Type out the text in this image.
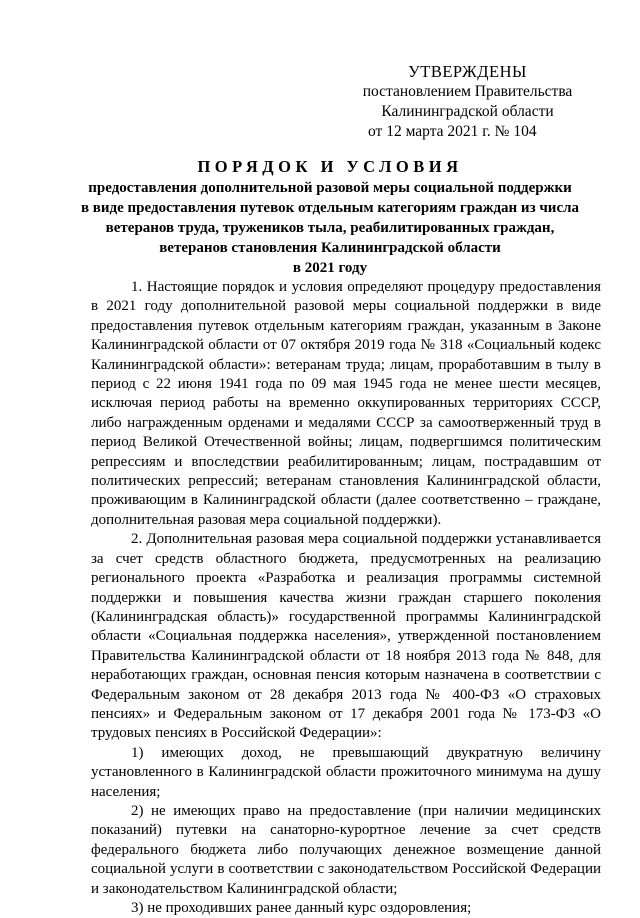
УТВЕРЖДЕНЫ
постановлением Правительства
Калининградской области
от 12 марта 2021 г. № 104
ПОРЯДОК И УСЛОВИЯ
предоставления дополнительной разовой меры социальной поддержки
в виде предоставления путевок отдельным категориям граждан из числа
ветеранов труда, тружеников тыла, реабилитированных граждан,
ветеранов становления Калининградской области
в 2021 году

1. Настоящие порядок и условия определяют процедуру предоставления в 2021 году дополнительной разовой меры социальной поддержки в виде предоставления путевок отдельным категориям граждан, указанным в Законе Калининградской области от 07 октября 2019 года № 318 «Социальный кодекс Калининградской области»: ветеранам труда; лицам, проработавшим в тылу в период с 22 июня 1941 года по 09 мая 1945 года не менее шести месяцев, исключая период работы на временно оккупированных территориях СССР, либо награжденным орденами и медалями СССР за самоотверженный труд в период Великой Отечественной войны; лицам, подвергшимся политическим репрессиям и впоследствии реабилитированным; лицам, пострадавшим от политических репрессий; ветеранам становления Калининградской области, проживающим в Калининградской области (далее соответственно – граждане, дополнительная разовая мера социальной поддержки).

2. Дополнительная разовая мера социальной поддержки устанавливается за счет средств областного бюджета, предусмотренных на реализацию регионального проекта «Разработка и реализация программы системной поддержки и повышения качества жизни граждан старшего поколения (Калининградская область)» государственной программы Калининградской области «Социальная поддержка населения», утвержденной постановлением Правительства Калининградской области от 18 ноября 2013 года № 848, для неработающих граждан, основная пенсия которым назначена в соответствии с Федеральным законом от 28 декабря 2013 года № 400-ФЗ «О страховых пенсиях» и Федеральным законом от 17 декабря 2001 года № 173-ФЗ «О трудовых пенсиях в Российской Федерации»:

1) имеющих доход, не превышающий двукратную величину установленного в Калининградской области прожиточного минимума на душу населения;

2) не имеющих право на предоставление (при наличии медицинских показаний) путевки на санаторно-курортное лечение за счет средств федерального бюджета либо получающих денежное возмещение данной социальной услуги в соответствии с законодательством Российской Федерации и законодательством Калининградской области;

3) не проходивших ранее данный курс оздоровления;
